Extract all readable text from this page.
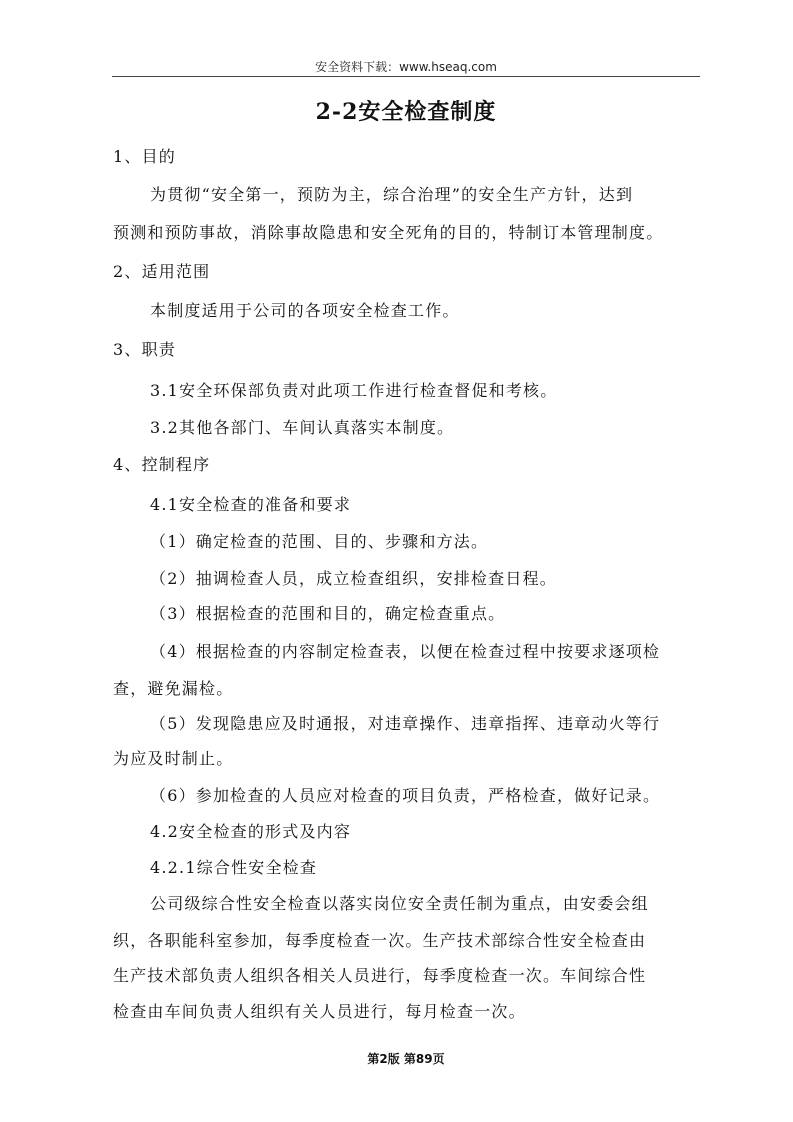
安全资料下载：www.hseaq.com
2-2安全检查制度
1、目的
为贯彻“安全第一，预防为主，综合治理”的安全生产方针，达到
预测和预防事故，消除事故隐患和安全死角的目的，特制订本管理制度。
2、适用范围
本制度适用于公司的各项安全检查工作。
3、职责
3.1安全环保部负责对此项工作进行检查督促和考核。
3.2其他各部门、车间认真落实本制度。
4、控制程序
4.1安全检查的准备和要求
（1）确定检查的范围、目的、步骤和方法。
（2）抽调检查人员，成立检查组织，安排检查日程。
（3）根据检查的范围和目的，确定检查重点。
（4）根据检查的内容制定检查表，以便在检查过程中按要求逐项检
查，避免漏检。
（5）发现隐患应及时通报，对违章操作、违章指挥、违章动火等行
为应及时制止。
（6）参加检查的人员应对检查的项目负责，严格检查，做好记录。
4.2安全检查的形式及内容
4.2.1综合性安全检查
公司级综合性安全检查以落实岗位安全责任制为重点，由安委会组
织，各职能科室参加，每季度检查一次。生产技术部综合性安全检查由
生产技术部负责人组织各相关人员进行，每季度检查一次。车间综合性
检查由车间负责人组织有关人员进行，每月检查一次。
第2版 第89页
